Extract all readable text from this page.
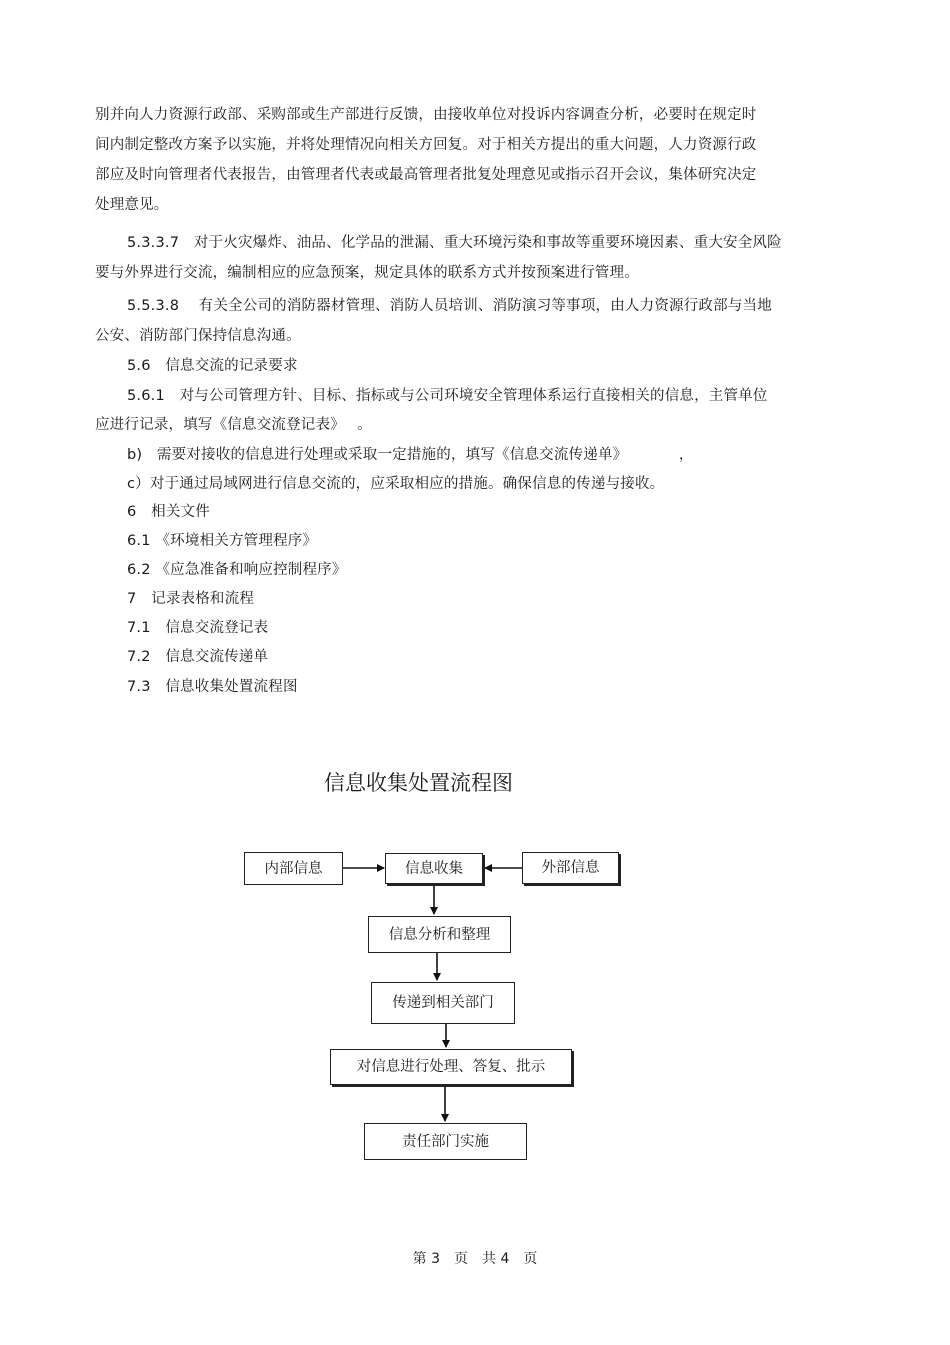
别并向人力资源行政部、采购部或生产部进行反馈，由接收单位对投诉内容调查分析，必要时在规定时
间内制定整改方案予以实施，并将处理情况向相关方回复。对于相关方提出的重大问题，人力资源行政
部应及时向管理者代表报告，由管理者代表或最高管理者批复处理意见或指示召开会议，集体研究决定
处理意见。
5.3.3.7　对于火灾爆炸、油品、化学品的泄漏、重大环境污染和事故等重要环境因素、重大安全风险
要与外界进行交流，编制相应的应急预案，规定具体的联系方式并按预案进行管理。
5.5.3.8　 有关全公司的消防器材管理、消防人员培训、消防演习等事项，由人力资源行政部与当地
公安、消防部门保持信息沟通。
5.6　信息交流的记录要求
5.6.1　对与公司管理方针、目标、指标或与公司环境安全管理体系运行直接相关的信息，主管单位
应进行记录，填写《信息交流登记表》　 。
b)　需要对接收的信息进行处理或采取一定措施的，填写《信息交流传递单》　　　　，
c）对于通过局域网进行信息交流的，应采取相应的措施。确保信息的传递与接收。
6　相关文件
6.1 《环境相关方管理程序》
6.2 《应急准备和响应控制程序》
7　记录表格和流程
7.1　信息交流登记表
7.2　信息交流传递单
7.3　信息收集处置流程图
信息收集处置流程图
内部信息	信息收集	外部信息
信息分析和整理
传递到相关部门
对信息进行处理、答复、批示
责任部门实施
第 3　页　共 4　页
